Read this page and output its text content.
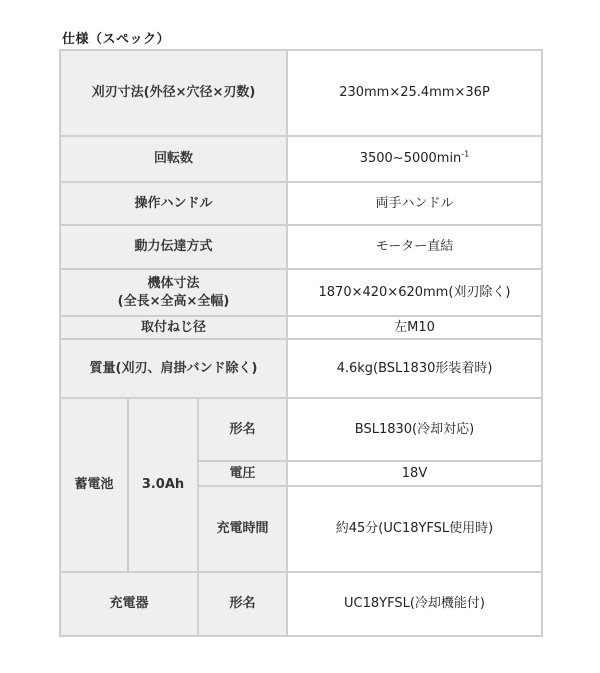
仕様（スペック）
刈刃寸法(外径×穴径×刃数)			230mm×25.4mm×36P
回転数			$3500\sim 5000\min^{-1}$
操作ハンドル			両手ハンドル
動力伝達方式			モーター直結

機体寸法
(全長×全高×全幅)			1870×420×620mm(刈刃除く)
取付ねじ径			左M10
質量(刈刃、肩掛バンド除く)			4.6kg(BSL1830形装着時)
蓄電池	3.0Ah	形名	BSL1830(冷却対応)
		電圧	18V
		充電時間	約45分(UC18YFSL使用時)
充電器		形名	UC18YFSL(冷却機能付)
